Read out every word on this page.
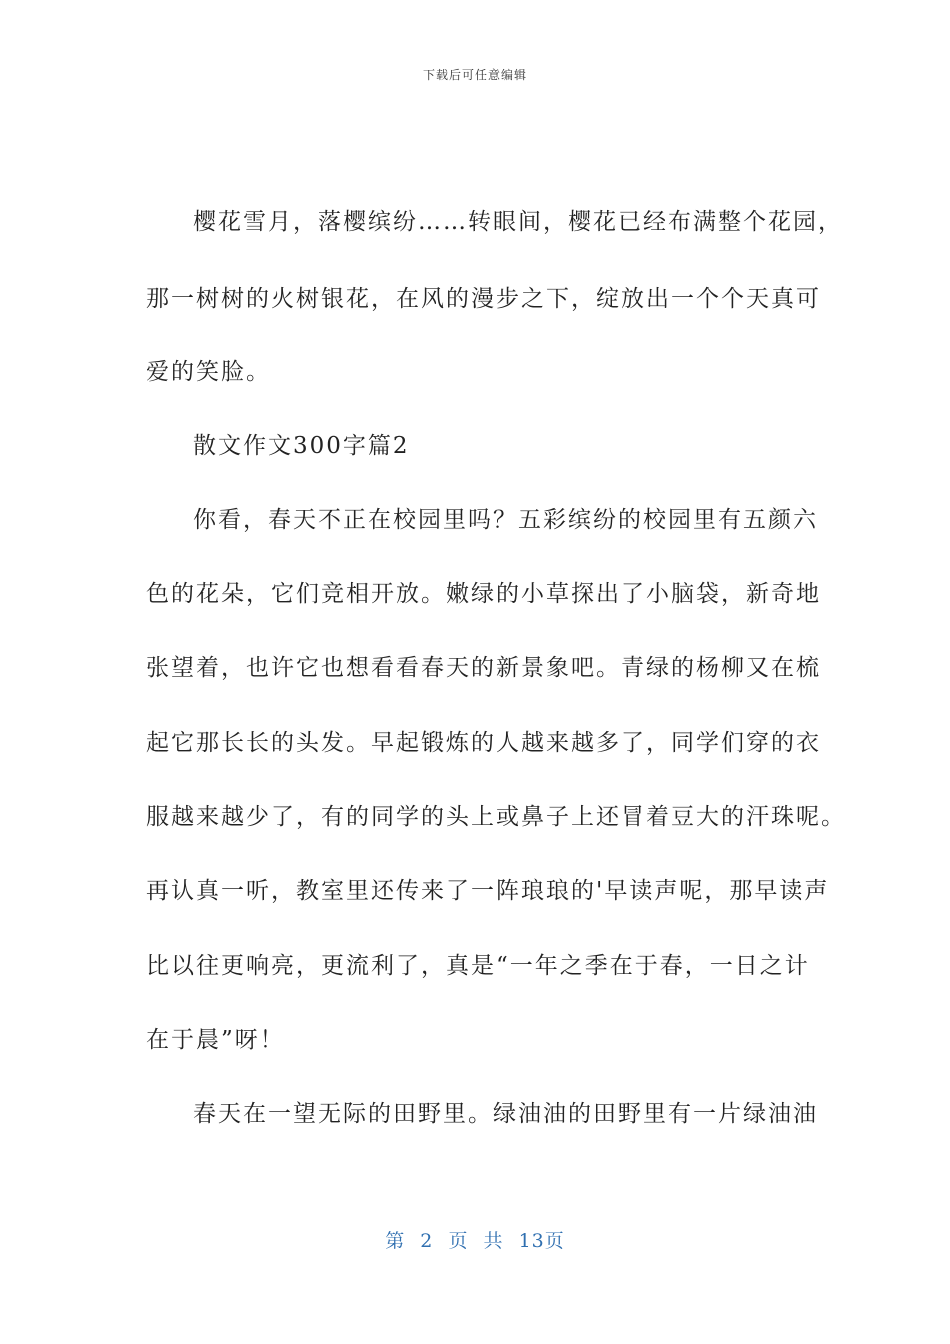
下载后可任意编辑
樱花雪月，落樱缤纷……转眼间，樱花已经布满整个花园，
那一树树的火树银花，在风的漫步之下，绽放出一个个天真可
爱的笑脸。
散文作文300字篇2
你看，春天不正在校园里吗？五彩缤纷的校园里有五颜六
色的花朵，它们竞相开放。嫩绿的小草探出了小脑袋，新奇地
张望着，也许它也想看看春天的新景象吧。青绿的杨柳又在梳
起它那长长的头发。早起锻炼的人越来越多了，同学们穿的衣
服越来越少了，有的同学的头上或鼻子上还冒着豆大的汗珠呢。
再认真一听，教室里还传来了一阵琅琅的'早读声呢，那早读声
比以往更响亮，更流利了，真是“一年之季在于春，一日之计
在于晨”呀！
春天在一望无际的田野里。绿油油的田野里有一片绿油油
第 2 页 共 13页
